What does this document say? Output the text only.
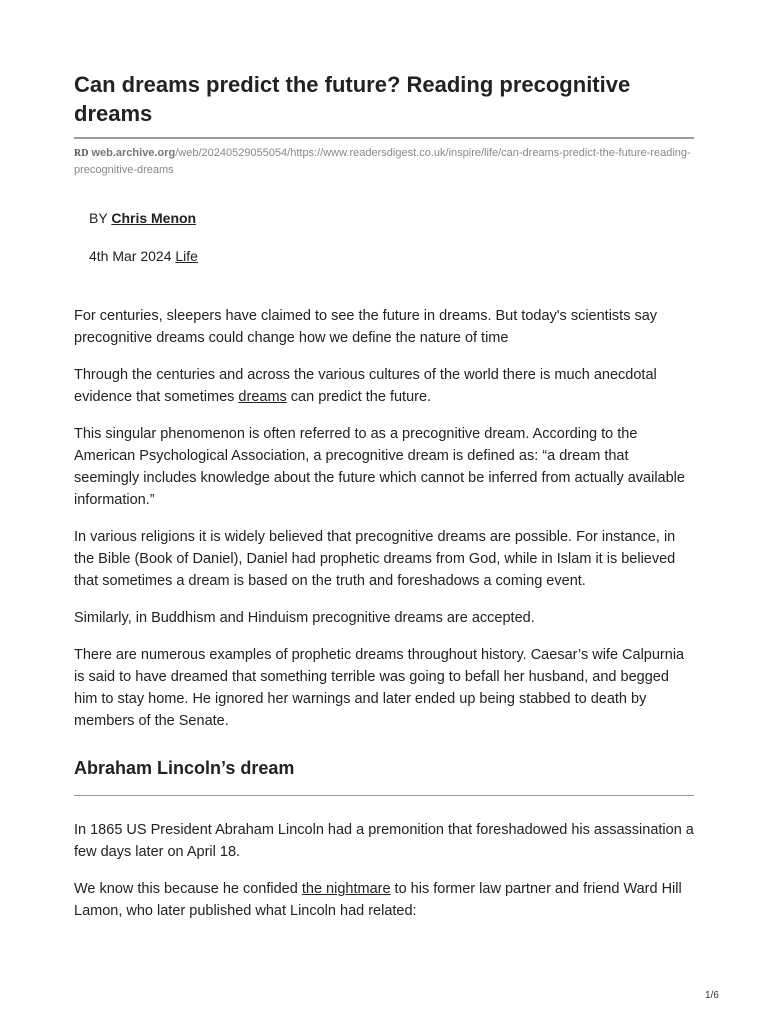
Can dreams predict the future? Reading precognitive dreams
RD web.archive.org/web/20240529055054/https://www.readersdigest.co.uk/inspire/life/can-dreams-predict-the-future-reading-precognitive-dreams
BY Chris Menon
4th Mar 2024 Life

For centuries, sleepers have claimed to see the future in dreams. But today's scientists say precognitive dreams could change how we define the nature of time

Through the centuries and across the various cultures of the world there is much anecdotal evidence that sometimes dreams can predict the future.

This singular phenomenon is often referred to as a precognitive dream. According to the American Psychological Association, a precognitive dream is defined as: “a dream that seemingly includes knowledge about the future which cannot be inferred from actually available information.”

In various religions it is widely believed that precognitive dreams are possible. For instance, in the Bible (Book of Daniel), Daniel had prophetic dreams from God, while in Islam it is believed that sometimes a dream is based on the truth and foreshadows a coming event.

Similarly, in Buddhism and Hinduism precognitive dreams are accepted.

There are numerous examples of prophetic dreams throughout history. Caesar’s wife Calpurnia is said to have dreamed that something terrible was going to befall her husband, and begged him to stay home. He ignored her warnings and later ended up being stabbed to death by members of the Senate.

Abraham Lincoln’s dream

In 1865 US President Abraham Lincoln had a premonition that foreshadowed his assassination a few days later on April 18.

We know this because he confided the nightmare to his former law partner and friend Ward Hill Lamon, who later published what Lincoln had related:

1/6
